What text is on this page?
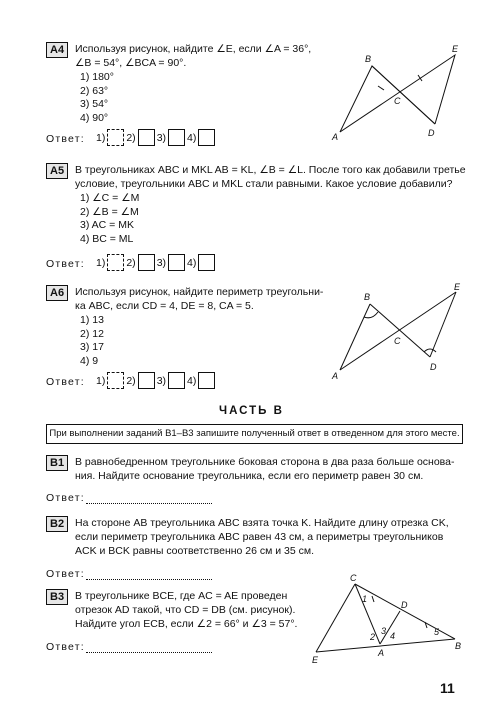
A4	Используя рисунок, найдите ∠E, если ∠A = 36°,
∠B = 54°, ∠BCA = 90°.
1) 180°
2) 63°
3) 54°
4) 90°
Ответ: 1) 2) 3) 4)	A
B
C
D
E
A5	В треугольниках ABC и MKL AB = KL, ∠B = ∠L. После того как добавили третье
условие, треугольники ABC и MKL стали равными. Какое условие добавили?
1) ∠C = ∠M
2) ∠B = ∠M
3) AC = MK
4) BC = ML
Ответ: 1) 2) 3) 4)
A6	Используя рисунок, найдите периметр треугольни-
ка ABC, если CD = 4, DE = 8, CA = 5.
1) 13
2) 12
3) 17
4) 9
Ответ: 1) 2) 3) 4)	A
B
C
D
E
ЧАСТЬ В
При выполнении заданий В1–В3 запишите полученный ответ в отведенном для этого месте.
В1	В равнобедренном треугольнике боковая сторона в два раза больше основа-
ния. Найдите основание треугольника, если его периметр равен 30 см.
Ответ:
В2	На стороне AB треугольника ABC взята точка K. Найдите длину отрезка CK,
если периметр треугольника ABC равен 43 см, а периметры треугольников
ACK и BCK равны соответственно 26 см и 35 см.
Ответ:
В3	В треугольнике BCE, где AC = AE проведен
отрезок AD такой, что CD = DB (см. рисунок).
Найдите угол ECB, если ∠2 = 66° и ∠3 = 57°.
Ответ:
C
D
A
B
E
1
2
3 4	5
11
